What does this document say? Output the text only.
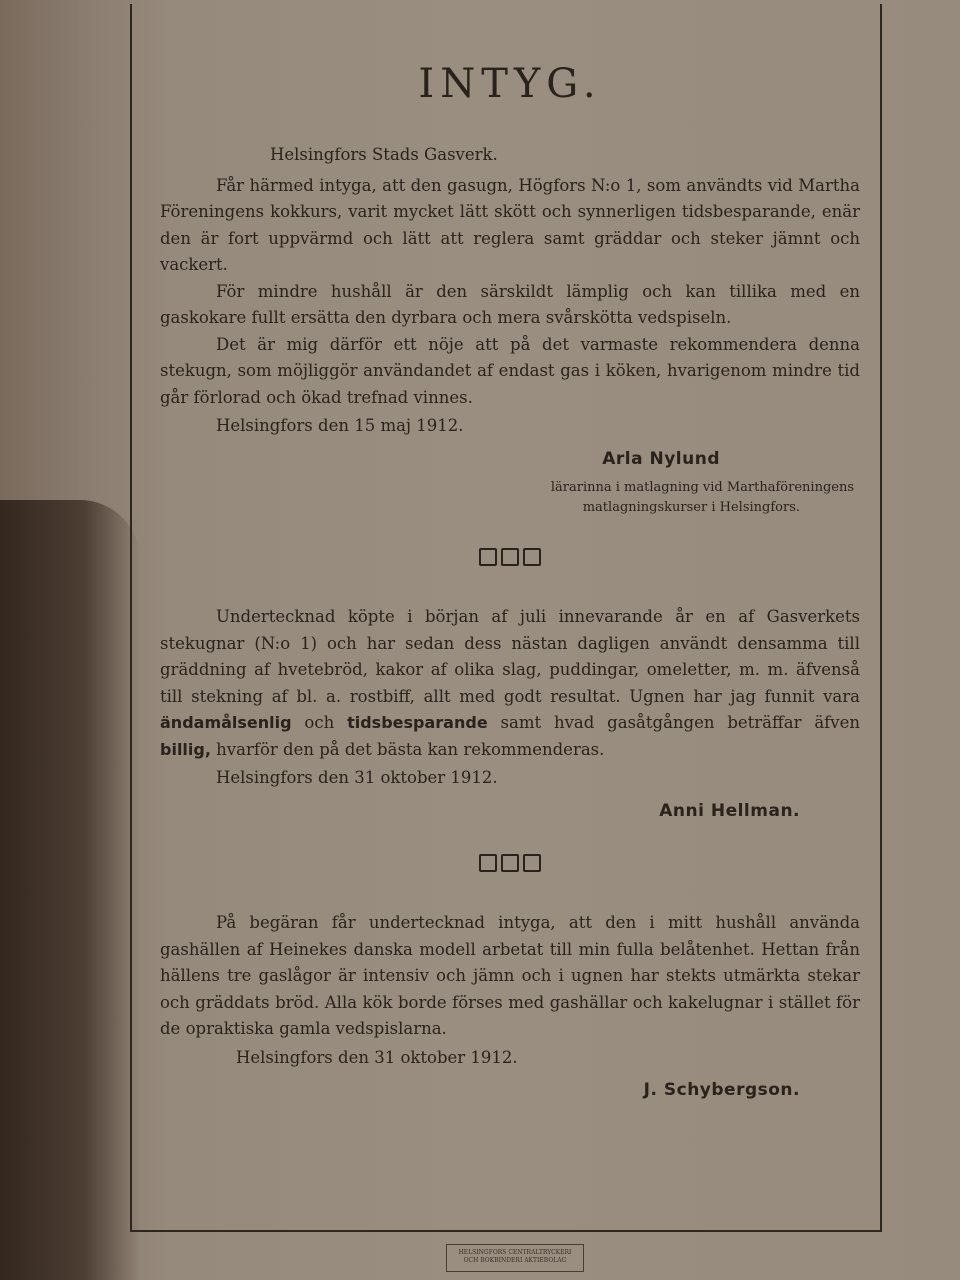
INTYG.
Helsingfors Stads Gasverk.

Får härmed intyga, att den gasugn, Högfors N:o 1, som användts vid Martha Föreningens kokkurs, varit mycket lätt skött och synnerligen tidsbesparande, enär den är fort uppvärmd och lätt att reglera samt gräddar och steker jämnt och vackert.

För mindre hushåll är den särskildt lämplig och kan tillika med en gaskokare fullt ersätta den dyrbara och mera svårskötta vedspiseln.

Det är mig därför ett nöje att på det varmaste rekommendera denna stekugn, som möjliggör användandet af endast gas i köken, hvarigenom mindre tid går förlorad och ökad trefnad vinnes.

Helsingfors den 15 maj 1912.
Arla Nylund
lärarinna i matlagning vid Marthaföreningens
matlagningskurser i Helsingfors.

Undertecknad köpte i början af juli innevarande år en af Gasverkets stekugnar (N:o 1) och har sedan dess nästan dagligen användt densamma till gräddning af hvetebröd, kakor af olika slag, puddingar, omeletter, m. m. äfvenså till stekning af bl. a. rostbiff, allt med godt resultat. Ugnen har jag funnit vara ändamålsenlig och tidsbesparande samt hvad gasåtgången beträffar äfven billig, hvarför den på det bästa kan rekommenderas.

Helsingfors den 31 oktober 1912.
Anni Hellman.

På begäran får undertecknad intyga, att den i mitt hushåll använda gashällen af Heinekes danska modell arbetat till min fulla belåtenhet. Hettan från hällens tre gaslågor är intensiv och jämn och i ugnen har stekts utmärkta stekar och gräddats bröd. Alla kök borde förses med gashällar och kakelugnar i stället för de opraktiska gamla vedspislarna.

Helsingfors den 31 oktober 1912.
J. Schybergson.
HELSINGFORS CENTRALTRYCKERI
OCH BOKBINDERI AKTIEBOLAG
